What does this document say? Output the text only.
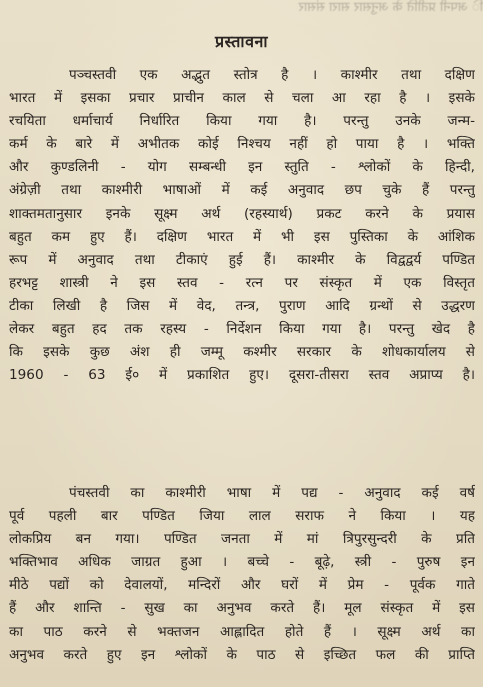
ि अपनी प्रतीति के अनुसार सारा संसार
प्रस्तावना
पञ्चस्तवी एक अद्भुत स्तोत्र है । काश्मीर तथा दक्षिण
भारत में इसका प्रचार प्राचीन काल से चला आ रहा है । इसके
रचयिता धर्माचार्य निर्धारित किया गया है। परन्तु उनके जन्म-
कर्म के बारे में अभीतक कोई निश्चय नहीं हो पाया है । भक्ति
और कुण्डलिनी - योग सम्बन्धी इन स्तुति - श्लोकों के हिन्दी,
अंग्रेज़ी तथा काश्मीरी भाषाओं में कई अनुवाद छप चुके हैं परन्तु
शाक्तमतानुसार इनके सूक्ष्म अर्थ (रहस्यार्थ) प्रकट करने के प्रयास
बहुत कम हुए हैं। दक्षिण भारत में भी इस पुस्तिका के आंशिक
रूप में अनुवाद तथा टीकाएं हुई हैं। काश्मीर के विद्वद्वर्य पण्डित
हरभट्ट शास्त्री ने इस स्तव - रत्न पर संस्कृत में एक विस्तृत
टीका लिखी है जिस में वेद, तन्त्र, पुराण आदि ग्रन्थों से उद्धरण
लेकर बहुत हद तक रहस्य - निर्देशन किया गया है। परन्तु खेद है
कि इसके कुछ अंश ही जम्मू कश्मीर सरकार के शोधकार्यालय से
1960 - 63 ई० में प्रकाशित हुए। दूसरा-तीसरा स्तव अप्राप्य है।
पंचस्तवी का काश्मीरी भाषा में पद्य - अनुवाद कई वर्ष
पूर्व पहली बार पण्डित जिया लाल सराफ ने किया । यह
लोकप्रिय बन गया। पण्डित जनता में मां त्रिपुरसुन्दरी के प्रति
भक्तिभाव अधिक जाग्रत हुआ । बच्चे - बूढ़े, स्त्री - पुरुष इन
मीठे पद्यों को देवालयों, मन्दिरों और घरों में प्रेम - पूर्वक गाते
हैं और शान्ति - सुख का अनुभव करते हैं। मूल संस्कृत में इस
का पाठ करने से भक्तजन आह्लादित होते हैं । सूक्ष्म अर्थ का
अनुभव करते हुए इन श्लोकों के पाठ से इच्छित फल की प्राप्ति
